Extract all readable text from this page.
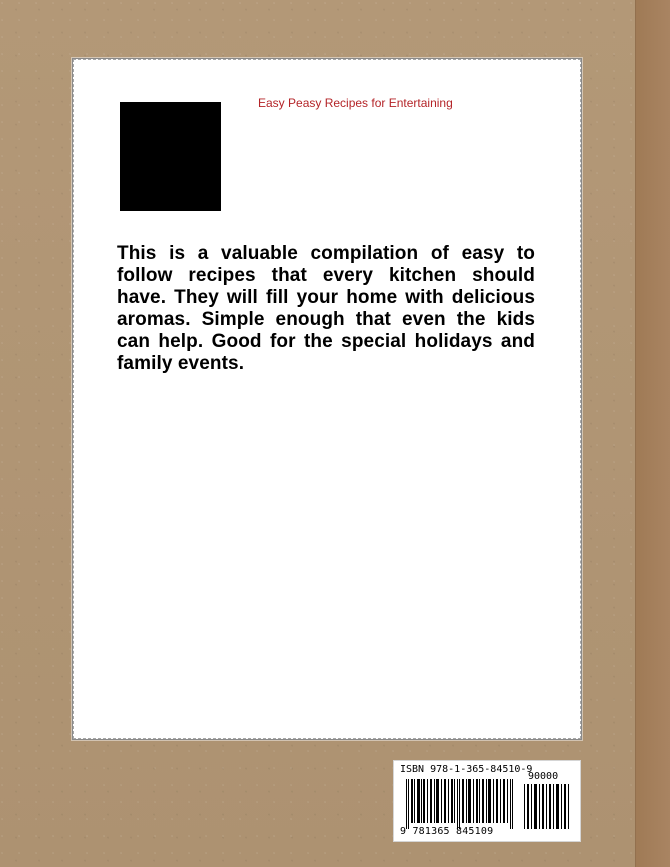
Easy Peasy Recipes for Entertaining

This is a valuable compilation of easy to follow recipes that every kitchen should have. They will fill your home with delicious aromas. Simple enough that even the kids can help. Good for the special holidays and family events.

ISBN 978-1-365-84510-9
90000
9 781365 845109
